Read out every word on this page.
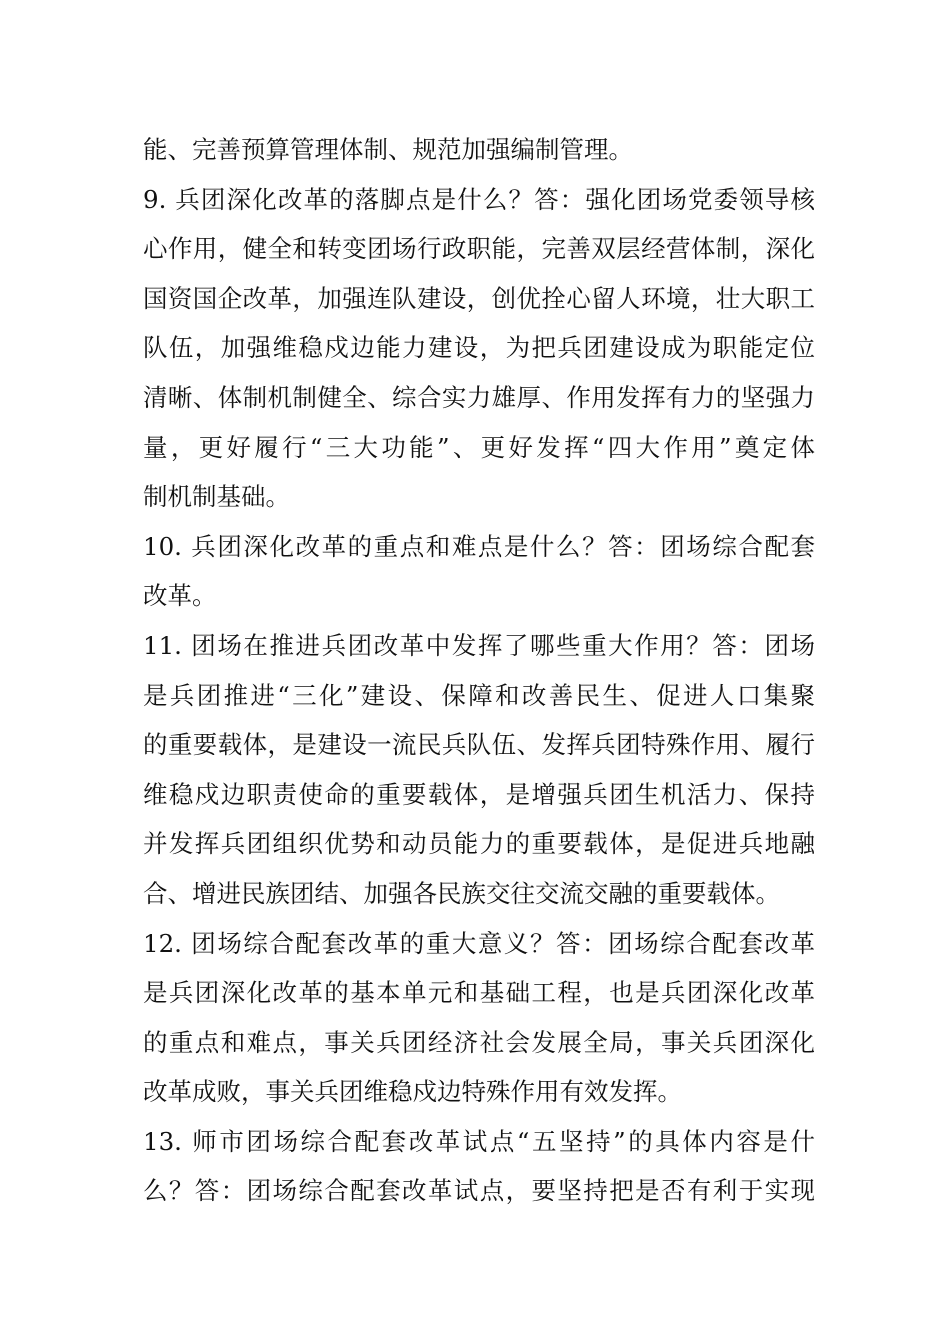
能、完善预算管理体制、规范加强编制管理。
9. 兵团深化改革的落脚点是什么？答：强化团场党委领导核
心作用，健全和转变团场行政职能，完善双层经营体制，深化
国资国企改革，加强连队建设，创优拴心留人环境，壮大职工
队伍，加强维稳戍边能力建设，为把兵团建设成为职能定位
清晰、体制机制健全、综合实力雄厚、作用发挥有力的坚强力
量，更好履行“三大功能”、更好发挥“四大作用”奠定体
制机制基础。
10. 兵团深化改革的重点和难点是什么？答：团场综合配套
改革。
11. 团场在推进兵团改革中发挥了哪些重大作用？答：团场
是兵团推进“三化”建设、保障和改善民生、促进人口集聚
的重要载体，是建设一流民兵队伍、发挥兵团特殊作用、履行
维稳戍边职责使命的重要载体，是增强兵团生机活力、保持
并发挥兵团组织优势和动员能力的重要载体，是促进兵地融
合、增进民族团结、加强各民族交往交流交融的重要载体。
12. 团场综合配套改革的重大意义？答：团场综合配套改革
是兵团深化改革的基本单元和基础工程，也是兵团深化改革
的重点和难点，事关兵团经济社会发展全局，事关兵团深化
改革成败，事关兵团维稳戍边特殊作用有效发挥。
13. 师市团场综合配套改革试点“五坚持”的具体内容是什
么？答：团场综合配套改革试点，要坚持把是否有利于实现
